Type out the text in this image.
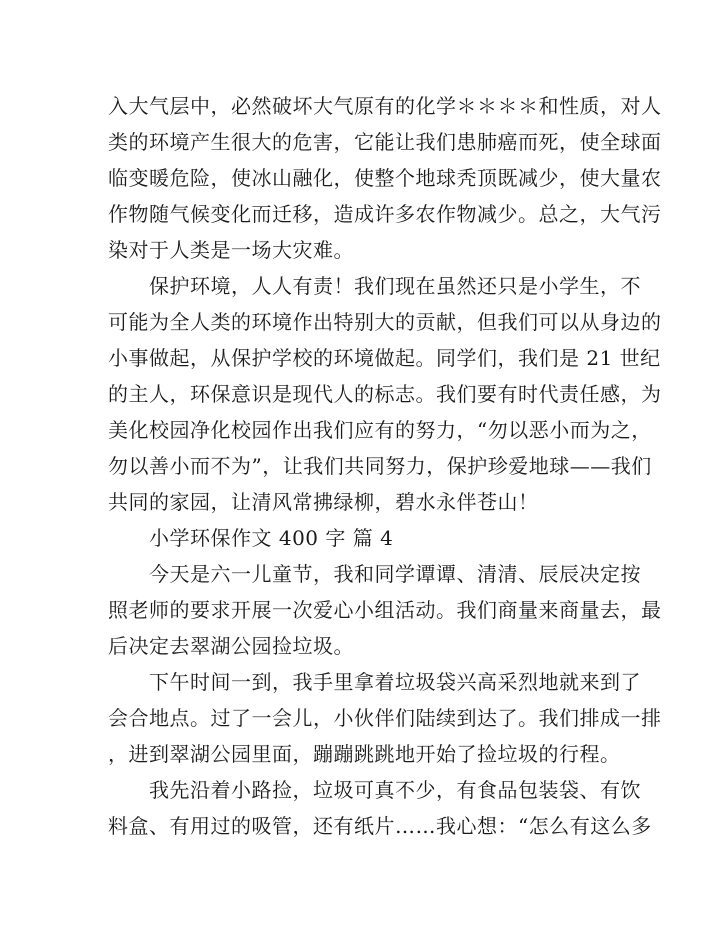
入大气层中，必然破坏大气原有的化学＊＊＊＊和性质，对人
类的环境产生很大的危害，它能让我们患肺癌而死，使全球面
临变暖危险，使冰山融化，使整个地球秃顶既减少，使大量农
作物随气候变化而迁移，造成许多农作物减少。总之，大气污
染对于人类是一场大灾难。
保护环境，人人有责！我们现在虽然还只是小学生，不
可能为全人类的环境作出特别大的贡献，但我们可以从身边的
小事做起，从保护学校的环境做起。同学们，我们是 21 世纪
的主人，环保意识是现代人的标志。我们要有时代责任感，为
美化校园净化校园作出我们应有的努力，“勿以恶小而为之，
勿以善小而不为”，让我们共同努力，保护珍爱地球——我们
共同的家园，让清风常拂绿柳，碧水永伴苍山！
小学环保作文 400 字 篇 4
今天是六一儿童节，我和同学谭谭、清清、辰辰决定按
照老师的要求开展一次爱心小组活动。我们商量来商量去，最
后决定去翠湖公园捡垃圾。
下午时间一到，我手里拿着垃圾袋兴高采烈地就来到了
会合地点。过了一会儿，小伙伴们陆续到达了。我们排成一排
，进到翠湖公园里面，蹦蹦跳跳地开始了捡垃圾的行程。
我先沿着小路捡，垃圾可真不少，有食品包装袋、有饮
料盒、有用过的吸管，还有纸片……我心想：“怎么有这么多
